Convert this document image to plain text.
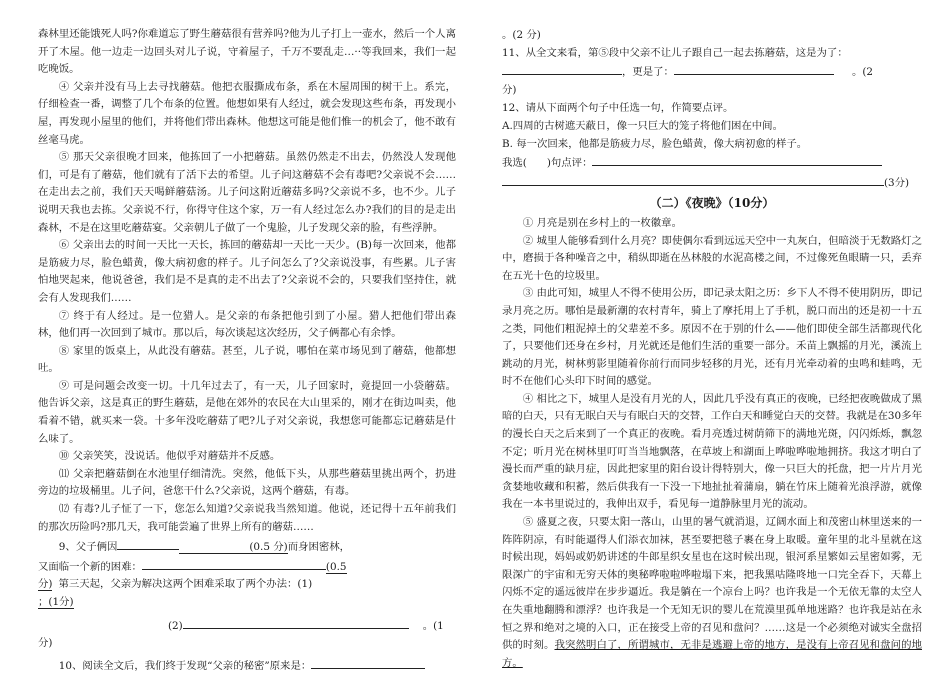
森林里还能饿死人吗?你难道忘了野生蘑菇很有营养吗?他为儿子打上一壶水，然后一个人离开了木屋。他一边走一边回头对儿子说，守着屋子，千万不要乱走…··等我回来，我们一起吃晚饭。

④ 父亲并没有马上去寻找蘑菇。他把衣服撕成布条，系在木屋周围的树干上。系完，仔细检查一番，调整了几个布条的位置。他想如果有人经过，就会发现这些布条，再发现小屋，再发现小屋里的他们，并将他们带出森林。他想这可能是他们惟一的机会了，他不敢有丝毫马虎。

⑤ 那天父亲很晚才回来，他拣回了一小把蘑菇。虽然仍然走不出去，仍然没人发现他们，可是有了蘑菇，他们就有了活下去的希望。儿子问这蘑菇不会有毒吧?父亲说不会……在走出去之前，我们天天喝鲜蘑菇汤。儿子问这附近蘑菇多吗?父亲说不多，也不少。儿子说明天我也去拣。父亲说不行，你得守住这个家，万一有人经过怎么办?我们的目的是走出森林，不是在这里吃蘑菇宴。父亲朝儿子做了一个鬼脸，儿子发现父亲的脸，有些浮肿。

⑥ 父亲出去的时间一天比一天长，拣回的蘑菇却一天比一天少。(B)每一次回来，他都是筋疲力尽，脸色蜡黄，像大病初愈的样子。儿子问怎么了?父亲说没事，有些累。儿子害怕地哭起来，他说爸爸，我们是不是真的走不出去了?父亲说不会的，只要我们坚持住，就会有人发现我们……

⑦ 终于有人经过。是一位猎人。是父亲的布条把他引到了小屋。猎人把他们带出森林，他们再一次回到了城市。那以后，每次谈起这次经历，父子俩都心有余悸。

⑧ 家里的饭桌上，从此没有蘑菇。甚至，儿子说，哪怕在菜市场见到了蘑菇，他都想吐。

⑨ 可是问题会改变一切。十几年过去了，有一天，儿子回家时，竟提回一小袋蘑菇。他告诉父亲，这是真正的野生蘑菇，是他在郊外的农民在大山里采的，刚才在街边叫卖，他看着不错，就买来一袋。十多年没吃蘑菇了吧?儿子对父亲说，我想您可能都忘记蘑菇是什么味了。

⑩ 父亲笑笑，没说话。他似乎对蘑菇并不反感。

⑾ 父亲把蘑菇倒在水池里仔细清洗。突然，他低下头，从那些蘑菇里挑出两个，扔进旁边的垃圾桶里。儿子问，爸您干什么?父亲说，这两个蘑菇，有毒。

⑿ 有毒?儿子怔了一下，您怎么知道?父亲说我当然知道。他说，还记得十五年前我们的那次历险吗?那几天，我可能尝遍了世界上所有的蘑菇……

9、父子俩因	(0.5 分)而身困密林，

又面临一个新的困难：	(0.5

分) 第三天起，父亲为解决这两个困难采取了两个办法：(1)

；(1分)

(2)	。(1

分)

10、阅读全文后，我们终于发现“父亲的秘密”原来是：

。(2 分)

11、从全文来看，第⑤段中父亲不让儿子跟自己一起去拣蘑菇，这是为了：

，更是了：	。(2

分)

12、请从下面两个句子中任选一句，作简要点评。

A.四周的古树遮天蔽日，像一只巨大的笼子将他们困在中间。

B. 每一次回来，他都是筋疲力尽，脸色蜡黄，像大病初愈的样子。

我选( )句点评：

(3分)

（二）《夜晚》（10分）

① 月亮是别在乡村上的一枚徽章。

② 城里人能够看到什么月亮？即使偶尔看到远远天空中一丸灰白，但暗淡于无数路灯之中，磨损于各种噪音之中，稍纵即逝在丛林般的水泥高楼之间，不过像死鱼眼睛一只，丢弃在五光十色的垃圾里。

③ 由此可知，城里人不得不使用公历，即记录太阳之历：乡下人不得不使用阴历，即记录月亮之历。哪怕是最新潮的农村青年，骑上了摩托用上了手机，脱口而出的还是初一十五之类，同他们粗泥掉土的父辈差不多。原因不在于别的什么——他们即使全部生活都现代化了，只要他们还身在乡村，月光就还是他们生活的重要一部分。禾苗上飘摇的月光，溪流上跳动的月光，树林剪影里随着你前行而同步轻移的月光，还有月光牵动着的虫鸣和蛙鸣，无时不在他们心头印下时间的感觉。

④ 相比之下，城里人是没有月光的人，因此几乎没有真正的夜晚，已经把夜晚做成了黑暗的白天，只有无眠白天与有眠白天的交替，工作白天和睡觉白天的交替。我就是在30多年的漫长白天之后来到了一个真正的夜晚。看月亮透过树荫筛下的满地光斑，闪闪烁烁，飘忽不定；听月光在树林里叮叮当当地飘落，在草坡上和湖面上哗啦哗啦地拥挤。我这才明白了漫长而严重的缺月症，因此把家里的阳台设计得特别大，像一只巨大的托盘，把一片片月光贪婪地收藏和积蓄，然后供我有一下没一下地扯扯着蒲扇，躺在竹床上随着光浪浮游，就像我在一本书里说过的，我伸出双手，看见每一道静脉里月光的流动。

⑤ 盛夏之夜，只要太阳一落山，山里的暑气就消退，辽阔水面上和茂密山林里送来的一阵阵阴凉，有时能逼得人们添衣加袜，甚至要把毯子裹在身上取暖。童年里的北斗星就在这时候出现，妈妈或奶奶讲述的牛郎星织女星也在这时候出现，银河系星繁如云星密如雾，无限深广的宇宙和无穷天体的奥秘哗啦啦哗啦塌下来，把我黑咕隆咚地一口完全吞下，天幕上闪烁不定的遥远彼岸在步步逼近。我是躺在一个凉台上吗？也许我是一个无依无靠的太空人在失重地翻腾和漂浮？也许我是一个无知无识的婴儿在荒漠里孤单地迷路？也许我是站在永恒之界和绝对之境的入口，正在接受上帝的召见和盘问？……这是一个必须绝对诚实全盘招供的时刻。我突然明白了，所谓城市，无非是逃避上帝的地方，是没有上帝召见和盘问的地方。
